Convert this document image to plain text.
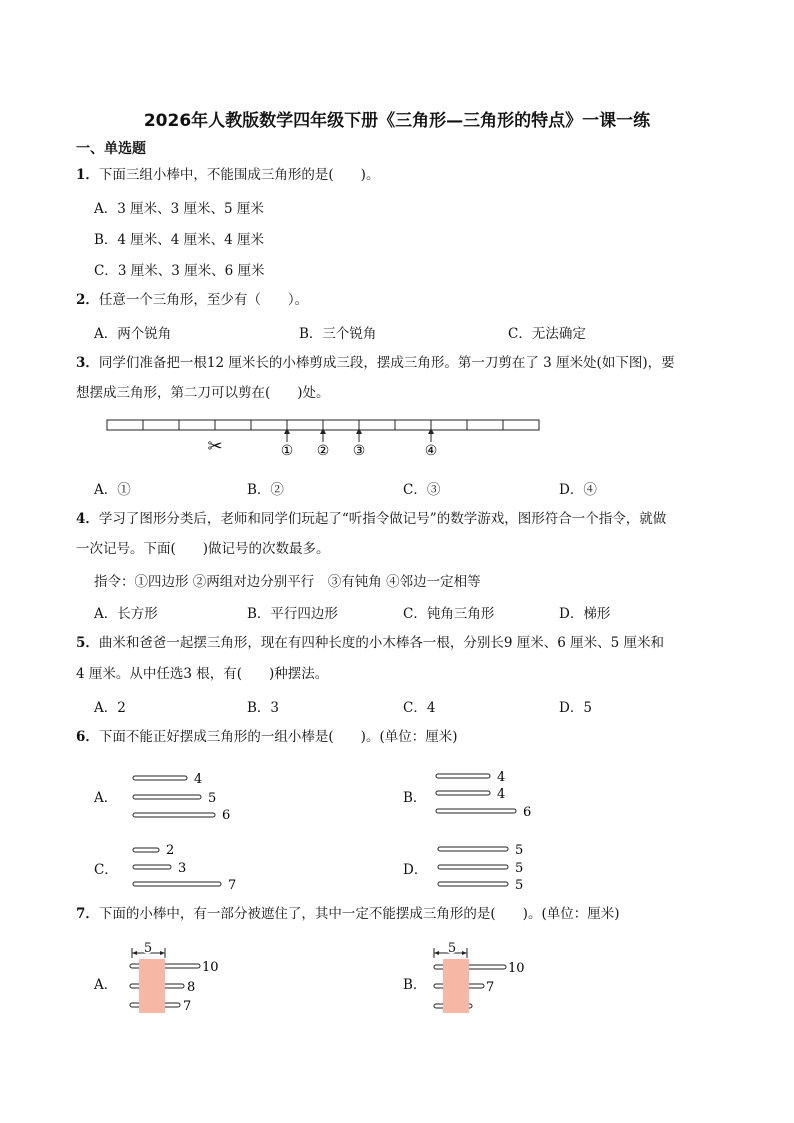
2026年人教版数学四年级下册《三角形—三角形的特点》一课一练
一、单选题
1．下面三组小棒中，不能围成三角形的是(　　)。
A．3 厘米、3 厘米、5 厘米
B．4 厘米、4 厘米、4 厘米
C．3 厘米、3 厘米、6 厘米
2．任意一个三角形，至少有（　　）。
A．两个锐角	B．三个锐角	C．无法确定
3．同学们准备把一根12 厘米长的小棒剪成三段，摆成三角形。第一刀剪在了 3 厘米处(如下图)，要
想摆成三角形，第二刀可以剪在(　　)处。
✂	① ② ③	④
A．①	B．②	C．③	D．④
4．学习了图形分类后，老师和同学们玩起了“听指令做记号”的数学游戏，图形符合一个指令，就做
一次记号。下面(　　)做记号的次数最多。
指令：①四边形 ②两组对边分别平行　③有钝角 ④邻边一定相等
A．长方形	B．平行四边形	C．钝角三角形	D．梯形
5．曲米和爸爸一起摆三角形，现在有四种长度的小木棒各一根，分别长9 厘米、6 厘米、5 厘米和
4 厘米。从中任选3 根，有(　　)种摆法。
A．2	B．3	C．4	D．5
6．下面不能正好摆成三角形的一组小棒是(　　)。(单位：厘米)
A．
4
5
6
B．
4
4
6
C．
2
3
7
D．
5
5
5
7．下面的小棒中，有一部分被遮住了，其中一定不能摆成三角形的是(　　)。(单位：厘米)
A．
5
10
8
7
B．
5
10
7
